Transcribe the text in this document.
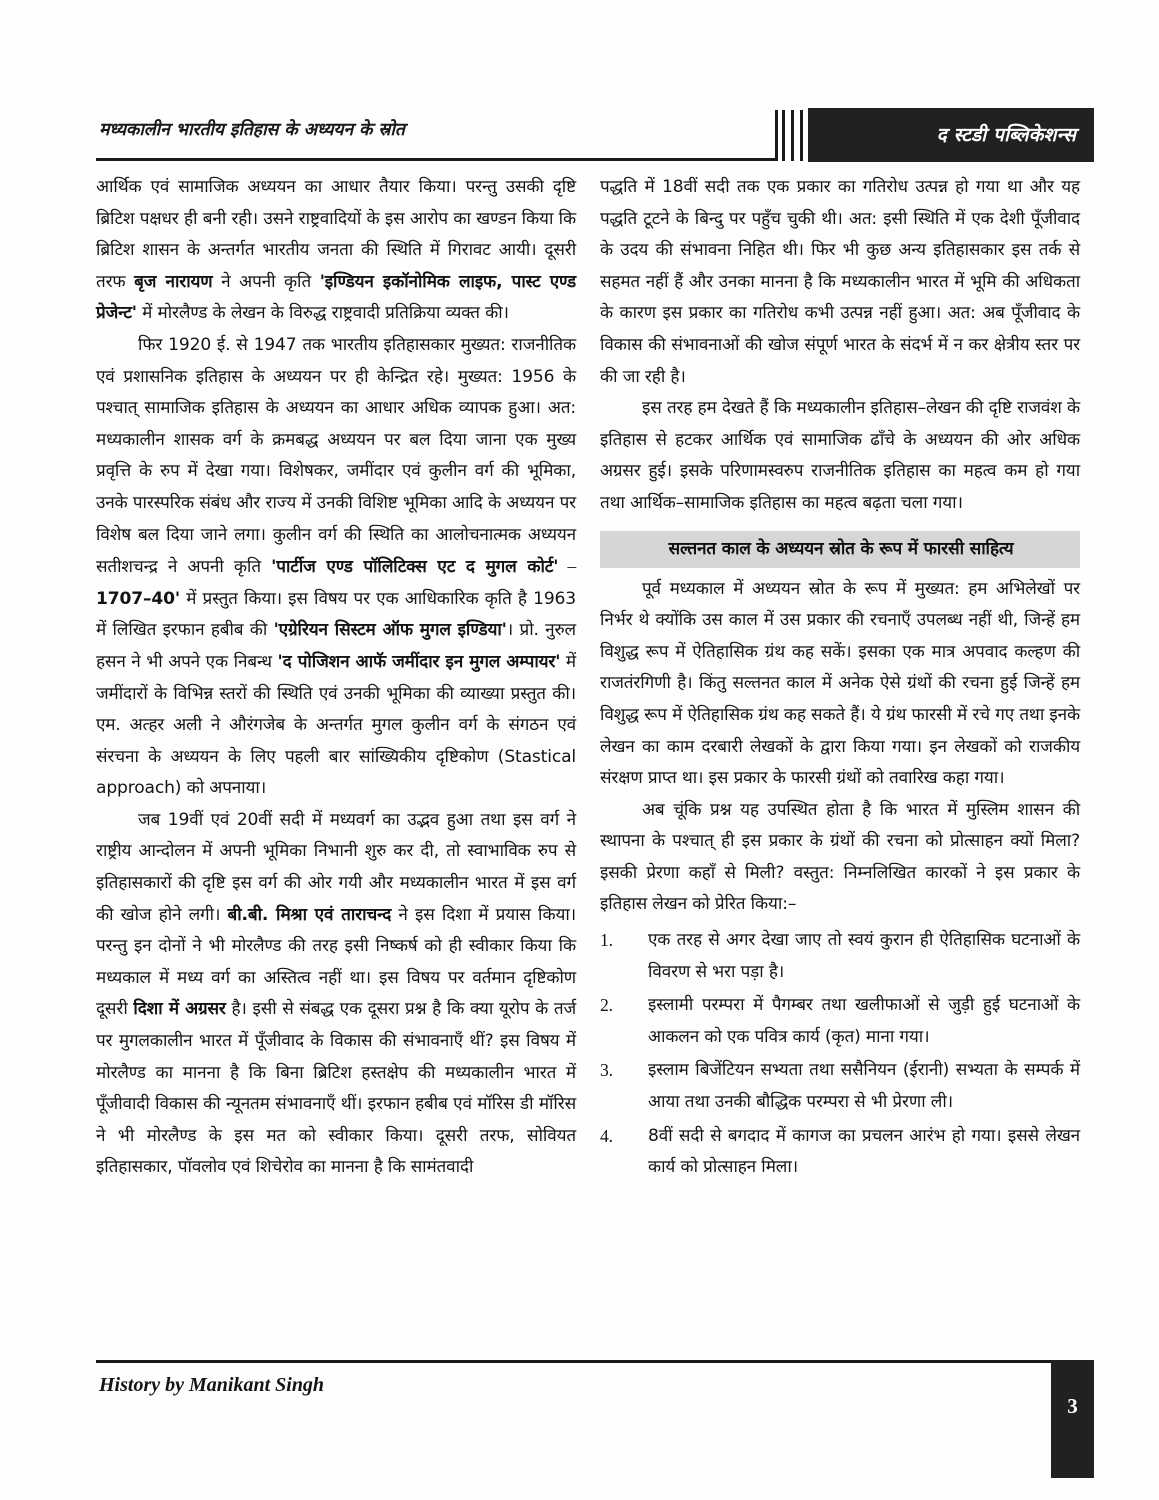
मध्यकालीन भारतीय इतिहास के अध्ययन के स्रोत	द स्टडी पब्लिकेशन्स

आर्थिक एवं सामाजिक अध्ययन का आधार तैयार किया। परन्तु उसकी दृष्टि ब्रिटिश पक्षधर ही बनी रही। उसने राष्ट्रवादियों के इस आरोप का खण्डन किया कि ब्रिटिश शासन के अन्तर्गत भारतीय जनता की स्थिति में गिरावट आयी। दूसरी तरफ बृज नारायण ने अपनी कृति 'इण्डियन इकॉनोमिक लाइफ, पास्ट एण्ड प्रेजेन्ट' में मोरलैण्ड के लेखन के विरुद्ध राष्ट्रवादी प्रतिक्रिया व्यक्त की।

फिर 1920 ई. से 1947 तक भारतीय इतिहासकार मुख्यत: राजनीतिक एवं प्रशासनिक इतिहास के अध्ययन पर ही केन्द्रित रहे। मुख्यत: 1956 के पश्चात् सामाजिक इतिहास के अध्ययन का आधार अधिक व्यापक हुआ। अत: मध्यकालीन शासक वर्ग के क्रमबद्ध अध्ययन पर बल दिया जाना एक मुख्य प्रवृत्ति के रुप में देखा गया। विशेषकर, जमींदार एवं कुलीन वर्ग की भूमिका, उनके पारस्परिक संबंध और राज्य में उनकी विशिष्ट भूमिका आदि के अध्ययन पर विशेष बल दिया जाने लगा। कुलीन वर्ग की स्थिति का आलोचनात्मक अध्ययन सतीशचन्द्र ने अपनी कृति 'पार्टीज एण्ड पॉलिटिक्स एट द मुगल कोर्ट' – 1707–40' में प्रस्तुत किया। इस विषय पर एक आधिकारिक कृति है 1963 में लिखित इरफान हबीब की 'एग्रेरियन सिस्टम ऑफ मुगल इण्डिया'। प्रो. नुरुल हसन ने भी अपने एक निबन्ध 'द पोजिशन आफॅ जमींदार इन मुगल अम्पायर' में जमींदारों के विभिन्न स्तरों की स्थिति एवं उनकी भूमिका की व्याख्या प्रस्तुत की। एम. अत्हर अली ने औरंगजेब के अन्तर्गत मुगल कुलीन वर्ग के संगठन एवं संरचना के अध्ययन के लिए पहली बार सांख्यिकीय दृष्टिकोण (Stastical approach) को अपनाया।

जब 19वीं एवं 20वीं सदी में मध्यवर्ग का उद्भव हुआ तथा इस वर्ग ने राष्ट्रीय आन्दोलन में अपनी भूमिका निभानी शुरु कर दी, तो स्वाभाविक रुप से इतिहासकारों की दृष्टि इस वर्ग की ओर गयी और मध्यकालीन भारत में इस वर्ग की खोज होने लगी। बी.बी. मिश्रा एवं ताराचन्द ने इस दिशा में प्रयास किया। परन्तु इन दोनों ने भी मोरलैण्ड की तरह इसी निष्कर्ष को ही स्वीकार किया कि मध्यकाल में मध्य वर्ग का अस्तित्व नहीं था। इस विषय पर वर्तमान दृष्टिकोण दूसरी दिशा में अग्रसर है। इसी से संबद्ध एक दूसरा प्रश्न है कि क्या यूरोप के तर्ज पर मुगलकालीन भारत में पूँजीवाद के विकास की संभावनाएँ थीं? इस विषय में मोरलैण्ड का मानना है कि बिना ब्रिटिश हस्तक्षेप की मध्यकालीन भारत में पूँजीवादी विकास की न्यूनतम संभावनाएँ थीं। इरफान हबीब एवं मॉरिस डी मॉरिस ने भी मोरलैण्ड के इस मत को स्वीकार किया। दूसरी तरफ, सोवियत इतिहासकार, पॉवलोव एवं शिचेरोव का मानना है कि सामंतवादी

पद्धति में 18वीं सदी तक एक प्रकार का गतिरोध उत्पन्न हो गया था और यह पद्धति टूटने के बिन्दु पर पहुँच चुकी थी। अत: इसी स्थिति में एक देशी पूँजीवाद के उदय की संभावना निहित थी। फिर भी कुछ अन्य इतिहासकार इस तर्क से सहमत नहीं हैं और उनका मानना है कि मध्यकालीन भारत में भूमि की अधिकता के कारण इस प्रकार का गतिरोध कभी उत्पन्न नहीं हुआ। अत: अब पूँजीवाद के विकास की संभावनाओं की खोज संपूर्ण भारत के संदर्भ में न कर क्षेत्रीय स्तर पर की जा रही है।

इस तरह हम देखते हैं कि मध्यकालीन इतिहास–लेखन की दृष्टि राजवंश के इतिहास से हटकर आर्थिक एवं सामाजिक ढाँचे के अध्ययन की ओर अधिक अग्रसर हुई। इसके परिणामस्वरुप राजनीतिक इतिहास का महत्व कम हो गया तथा आर्थिक–सामाजिक इतिहास का महत्व बढ़ता चला गया।

सल्तनत काल के अध्ययन स्रोत के रूप में फारसी साहित्य

पूर्व मध्यकाल में अध्ययन स्रोत के रूप में मुख्यत: हम अभिलेखों पर निर्भर थे क्योंकि उस काल में उस प्रकार की रचनाएँ उपलब्ध नहीं थी, जिन्हें हम विशुद्ध रूप में ऐतिहासिक ग्रंथ कह सकें। इसका एक मात्र अपवाद कल्हण की राजतंरगिणी है। किंतु सल्तनत काल में अनेक ऐसे ग्रंथों की रचना हुई जिन्हें हम विशुद्ध रूप में ऐतिहासिक ग्रंथ कह सकते हैं। ये ग्रंथ फारसी में रचे गए तथा इनके लेखन का काम दरबारी लेखकों के द्वारा किया गया। इन लेखकों को राजकीय संरक्षण प्राप्त था। इस प्रकार के फारसी ग्रंथों को तवारिख कहा गया।

अब चूंकि प्रश्न यह उपस्थित होता है कि भारत में मुस्लिम शासन की स्थापना के पश्चात् ही इस प्रकार के ग्रंथों की रचना को प्रोत्साहन क्यों मिला? इसकी प्रेरणा कहाँ से मिली? वस्तुत: निम्नलिखित कारकों ने इस प्रकार के इतिहास लेखन को प्रेरित किया:–

1.	एक तरह से अगर देखा जाए तो स्वयं कुरान ही ऐतिहासिक घटनाओं के विवरण से भरा पड़ा है।
2.	इस्लामी परम्परा में पैगम्बर तथा खलीफाओं से जुड़ी हुई घटनाओं के आकलन को एक पवित्र कार्य (कृत) माना गया।
3.	इस्लाम बिजेंटियन सभ्यता तथा ससैनियन (ईरानी) सभ्यता के सम्पर्क में आया तथा उनकी बौद्धिक परम्परा से भी प्रेरणा ली।
4.	8वीं सदी से बगदाद में कागज का प्रचलन आरंभ हो गया। इससे लेखन कार्य को प्रोत्साहन मिला।
History by Manikant Singh
3
